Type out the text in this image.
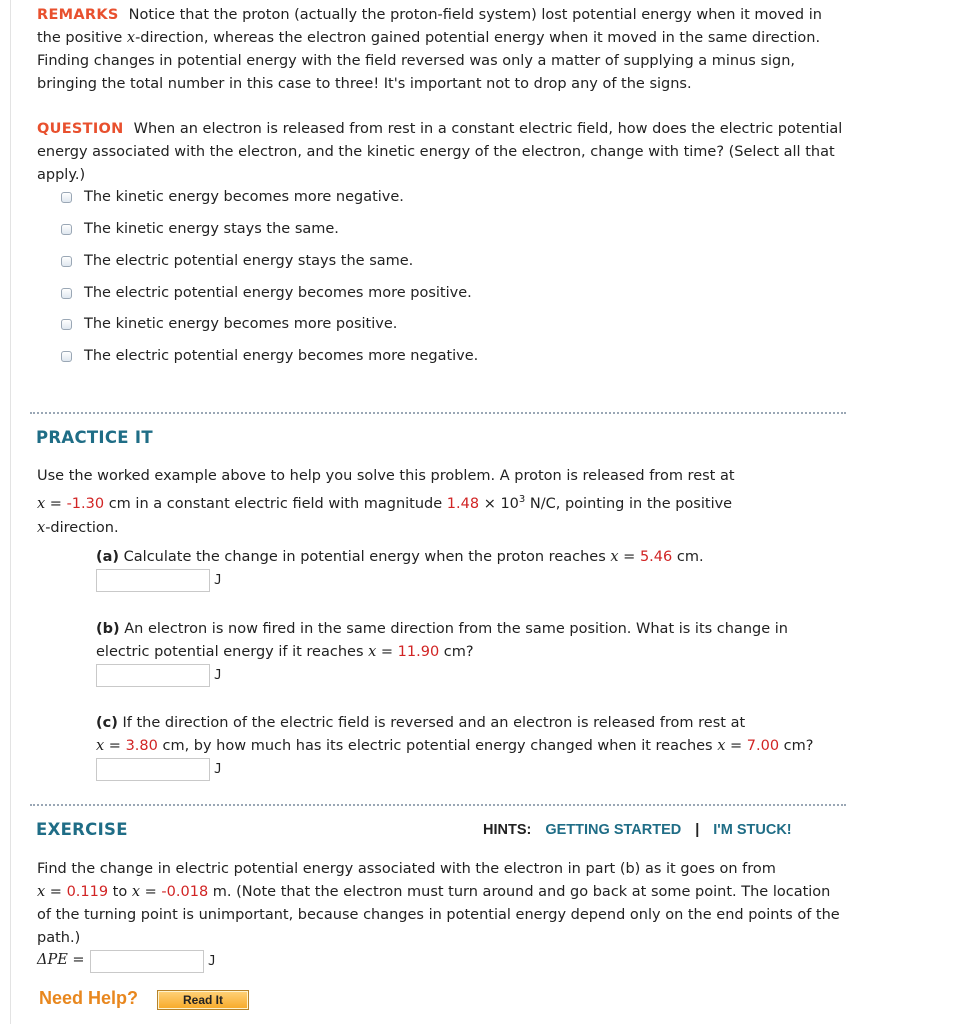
REMARKS Notice that the proton (actually the proton-field system) lost potential energy when it moved in the positive x-direction, whereas the electron gained potential energy when it moved in the same direction. Finding changes in potential energy with the field reversed was only a matter of supplying a minus sign, bringing the total number in this case to three! It's important not to drop any of the signs.
QUESTION When an electron is released from rest in a constant electric field, how does the electric potential energy associated with the electron, and the kinetic energy of the electron, change with time? (Select all that apply.)
The kinetic energy becomes more negative.
The kinetic energy stays the same.
The electric potential energy stays the same.
The electric potential energy becomes more positive.
The kinetic energy becomes more positive.
The electric potential energy becomes more negative.
PRACTICE IT
Use the worked example above to help you solve this problem. A proton is released from rest at
x = -1.30 cm in a constant electric field with magnitude $1.48 \times 10^3$ N/C, pointing in the positive
x-direction.
(a) Calculate the change in potential energy when the proton reaches x = 5.46 cm.
J
(b) An electron is now fired in the same direction from the same position. What is its change in electric potential energy if it reaches x = 11.90 cm?
J
(c) If the direction of the electric field is reversed and an electron is released from rest at
x = 3.80 cm, by how much has its electric potential energy changed when it reaches x = 7.00 cm?
J
EXERCISE	HINTS: GETTING STARTED | I'M STUCK!
Find the change in electric potential energy associated with the electron in part (b) as it goes on from
x = 0.119 to x = -0.018 m. (Note that the electron must turn around and go back at some point. The location of the turning point is unimportant, because changes in potential energy depend only on the end points of the path.)
ΔPE =	J
Need Help?	Read It
